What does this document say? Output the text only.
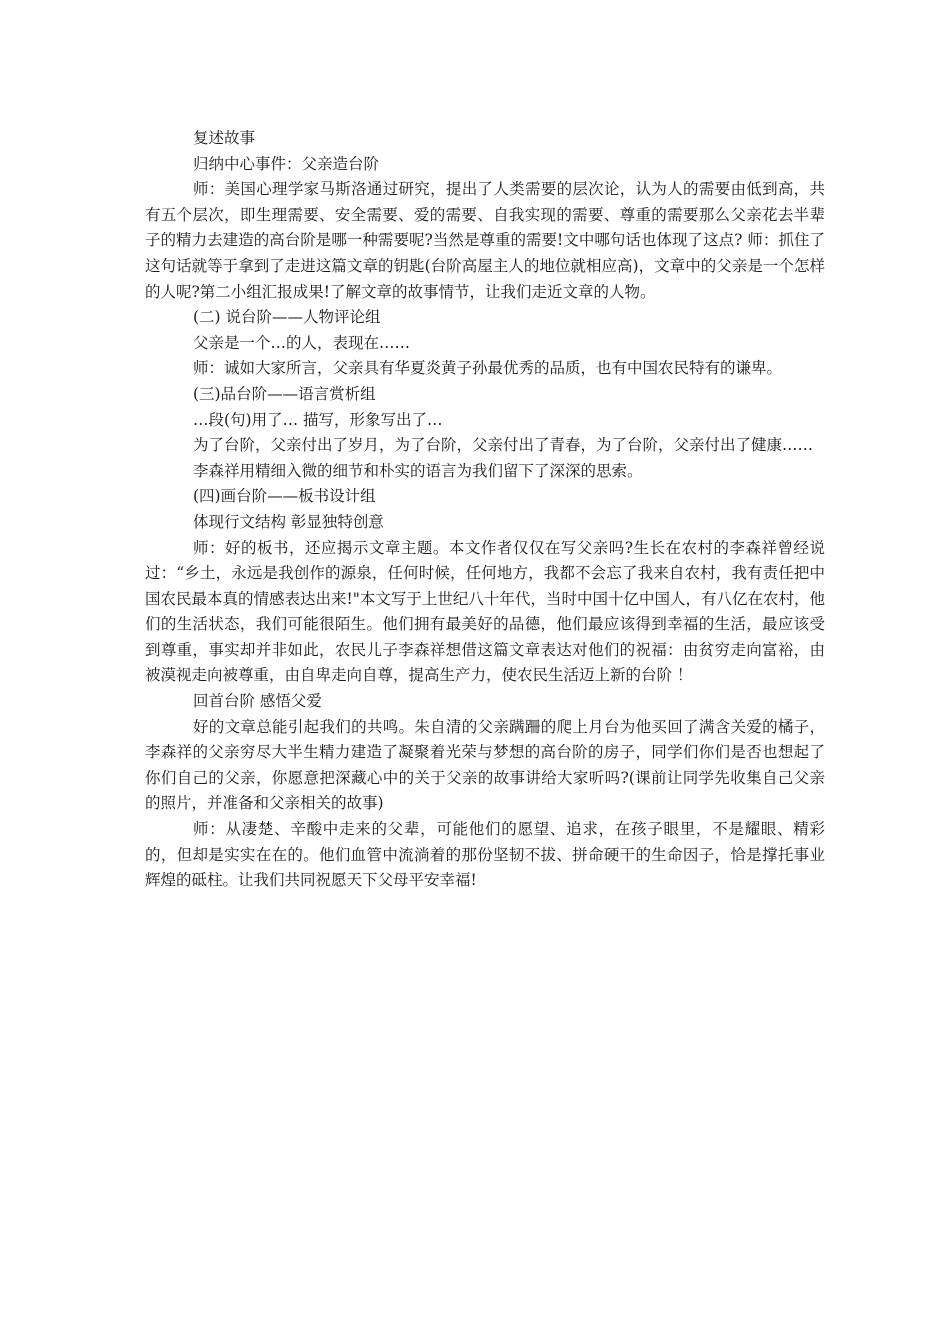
复述故事

归纳中心事件：父亲造台阶

师：美国心理学家马斯洛通过研究，提出了人类需要的层次论，认为人的需要由低到高，共有五个层次，即生理需要、安全需要、爱的需要、自我实现的需要、尊重的需要那么父亲花去半辈子的精力去建造的高台阶是哪一种需要呢?当然是尊重的需要!文中哪句话也体现了这点? 师：抓住了这句话就等于拿到了走进这篇文章的钥匙(台阶高屋主人的地位就相应高)，文章中的父亲是一个怎样的人呢?第二小组汇报成果!了解文章的故事情节，让我们走近文章的人物。

(二) 说台阶——人物评论组

父亲是一个…的人，表现在……

师：诚如大家所言，父亲具有华夏炎黄子孙最优秀的品质，也有中国农民特有的谦卑。

(三)品台阶——语言赏析组

…段(句)用了… 描写，形象写出了…

为了台阶，父亲付出了岁月，为了台阶，父亲付出了青春，为了台阶，父亲付出了健康……

李森祥用精细入微的细节和朴实的语言为我们留下了深深的思索。

(四)画台阶——板书设计组

体现行文结构 彰显独特创意

师：好的板书，还应揭示文章主题。本文作者仅仅在写父亲吗?生长在农村的李森祥曾经说过：“乡土，永远是我创作的源泉，任何时候，任何地方，我都不会忘了我来自农村，我有责任把中国农民最本真的情感表达出来!"本文写于上世纪八十年代，当时中国十亿中国人，有八亿在农村，他们的生活状态，我们可能很陌生。他们拥有最美好的品德，他们最应该得到幸福的生活，最应该受到尊重，事实却并非如此，农民儿子李森祥想借这篇文章表达对他们的祝福：由贫穷走向富裕，由被漠视走向被尊重，由自卑走向自尊，提高生产力，使农民生活迈上新的台阶 ！

回首台阶 感悟父爱

好的文章总能引起我们的共鸣。朱自清的父亲蹒跚的爬上月台为他买回了满含关爱的橘子，李森祥的父亲穷尽大半生精力建造了凝聚着光荣与梦想的高台阶的房子，同学们你们是否也想起了你们自己的父亲，你愿意把深藏心中的关于父亲的故事讲给大家听吗?(课前让同学先收集自己父亲的照片，并准备和父亲相关的故事)

师：从凄楚、辛酸中走来的父辈，可能他们的愿望、追求，在孩子眼里，不是耀眼、精彩的，但却是实实在在的。他们血管中流淌着的那份坚韧不拔、拼命硬干的生命因子，恰是撑托事业辉煌的砥柱。让我们共同祝愿天下父母平安幸福!
